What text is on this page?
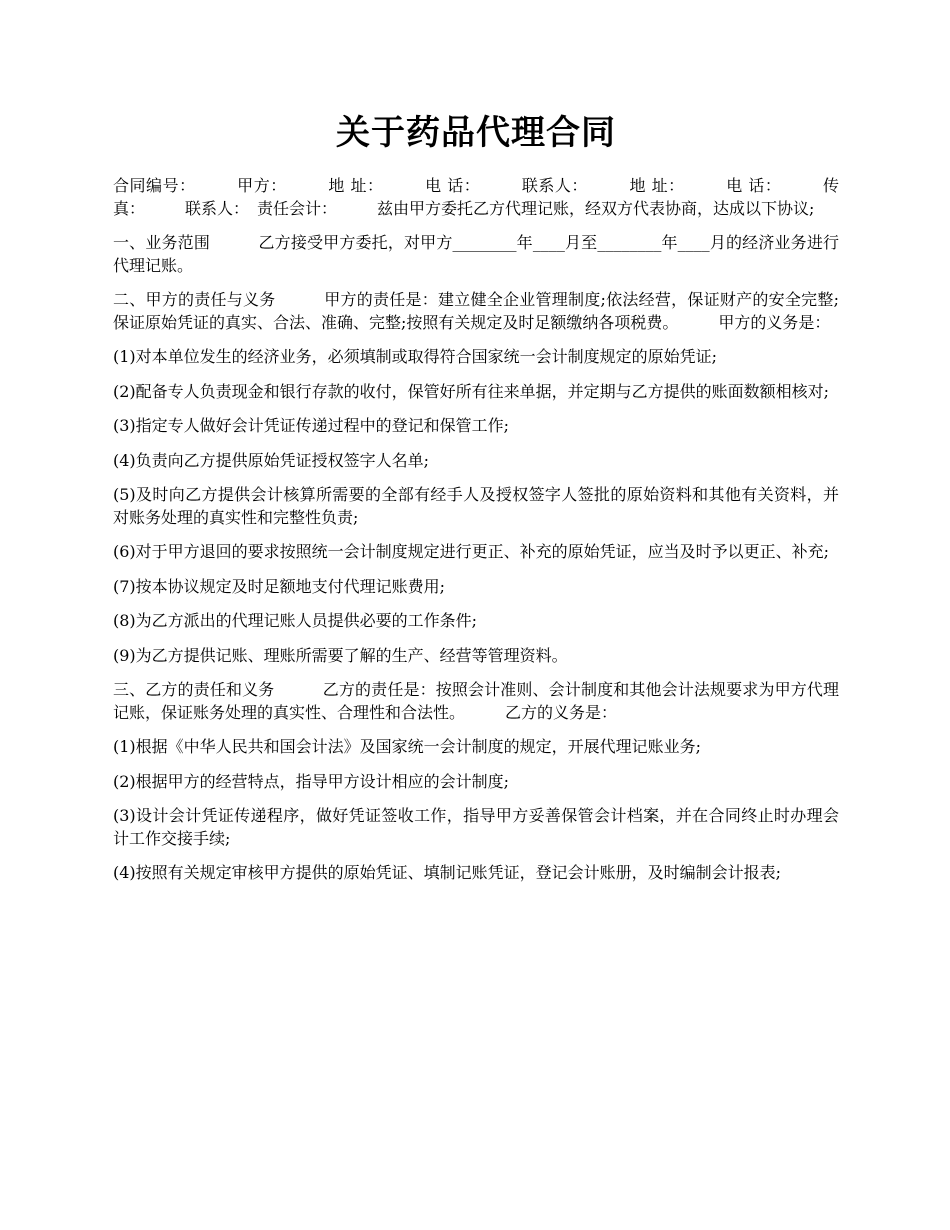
关于药品代理合同

合同编号：　　　甲方：　　　地 址：　　　电 话：　　　联系人：　　　地 址：　　　电 话：　　　传 真：　　　联系人：　责任会计：　　　兹由甲方委托乙方代理记账，经双方代表协商，达成以下协议;

一、业务范围　　　乙方接受甲方委托，对甲方________年____月至________年____月的经济业务进行代理记账。

二、甲方的责任与义务　　　甲方的责任是：建立健全企业管理制度;依法经营，保证财产的安全完整;保证原始凭证的真实、合法、准确、完整;按照有关规定及时足额缴纳各项税费。　　　甲方的义务是：

(1)对本单位发生的经济业务，必须填制或取得符合国家统一会计制度规定的原始凭证;

(2)配备专人负责现金和银行存款的收付，保管好所有往来单据，并定期与乙方提供的账面数额相核对;

(3)指定专人做好会计凭证传递过程中的登记和保管工作;

(4)负责向乙方提供原始凭证授权签字人名单;

(5)及时向乙方提供会计核算所需要的全部有经手人及授权签字人签批的原始资料和其他有关资料，并对账务处理的真实性和完整性负责;

(6)对于甲方退回的要求按照统一会计制度规定进行更正、补充的原始凭证，应当及时予以更正、补充;

(7)按本协议规定及时足额地支付代理记账费用;

(8)为乙方派出的代理记账人员提供必要的工作条件;

(9)为乙方提供记账、理账所需要了解的生产、经营等管理资料。

三、乙方的责任和义务　　　乙方的责任是：按照会计准则、会计制度和其他会计法规要求为甲方代理记账，保证账务处理的真实性、合理性和合法性。　　　乙方的义务是：

(1)根据《中华人民共和国会计法》及国家统一会计制度的规定，开展代理记账业务;

(2)根据甲方的经营特点，指导甲方设计相应的会计制度;

(3)设计会计凭证传递程序，做好凭证签收工作，指导甲方妥善保管会计档案，并在合同终止时办理会计工作交接手续;

(4)按照有关规定审核甲方提供的原始凭证、填制记账凭证，登记会计账册，及时编制会计报表;
